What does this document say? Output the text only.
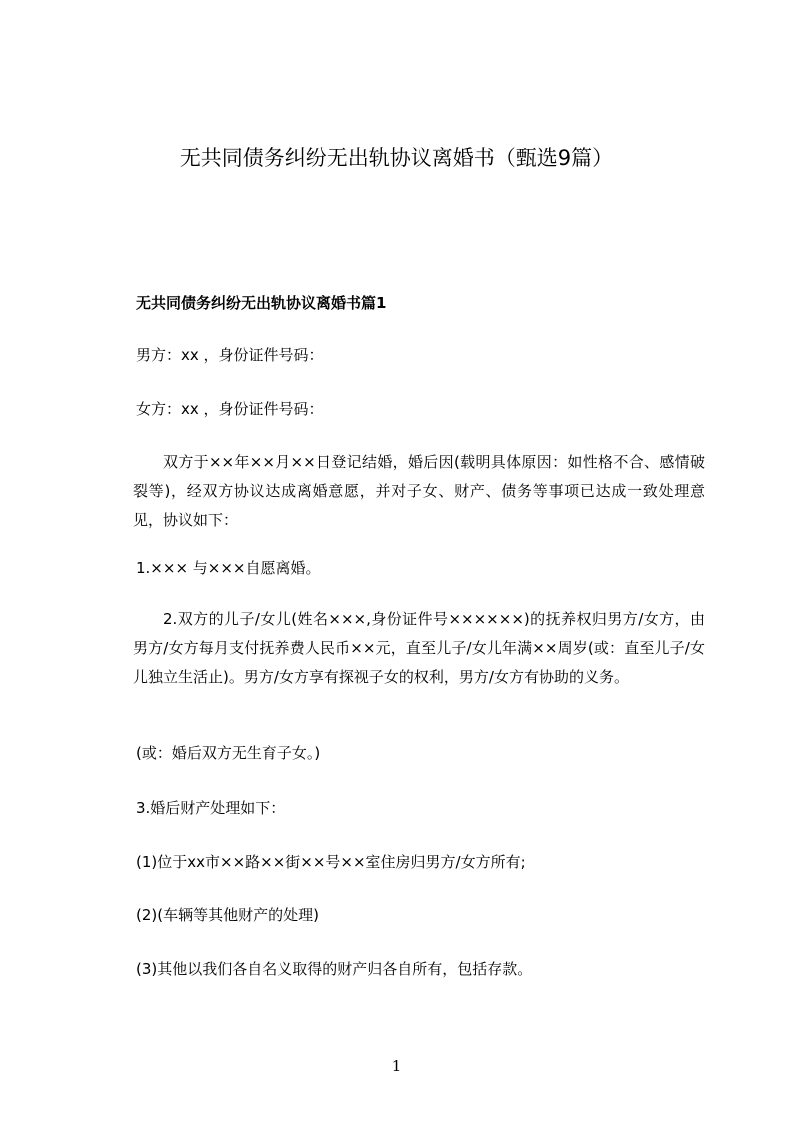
无共同债务纠纷无出轨协议离婚书（甄选9篇）
无共同债务纠纷无出轨协议离婚书篇1
男方：xx ，身份证件号码：
女方：xx ，身份证件号码：
双方于××年××月××日登记结婚，婚后因(载明具体原因：如性格不合、感情破裂等)，经双方协议达成离婚意愿，并对子女、财产、债务等事项已达成一致处理意见，协议如下：
1.××× 与×××自愿离婚。
2.双方的儿子/女儿(姓名×××,身份证件号××××××)的抚养权归男方/女方，由男方/女方每月支付抚养费人民币××元，直至儿子/女儿年满××周岁(或：直至儿子/女儿独立生活止)。男方/女方享有探视子女的权利，男方/女方有协助的义务。
(或：婚后双方无生育子女。)
3.婚后财产处理如下：
(1)位于xx市××路××街××号××室住房归男方/女方所有;
(2)(车辆等其他财产的处理)
(3)其他以我们各自名义取得的财产归各自所有，包括存款。
1
